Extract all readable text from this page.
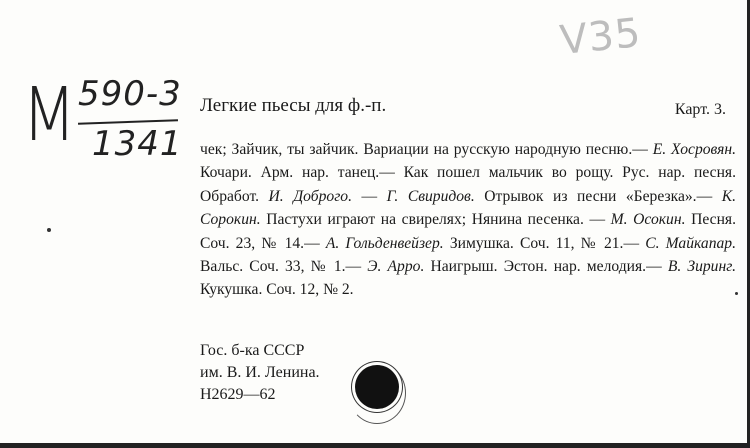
М 590-3
1341
V35
Карт. 3.
Легкие пьесы для ф.-п.

чек; Зайчик, ты зайчик. Вариации на русскую народную песню.— Е. Хосровян. Кочари. Арм. нар. танец.— Как пошел мальчик во рощу. Рус. нар. песня. Обработ. И. Доброго. — Г. Свиридов. Отрывок из песни «Березка».— К. Сорокин. Пастухи играют на свирелях; Нянина песенка. — М. Осокин. Песня. Соч. 23, № 14.— А. Гольденвейзер. Зимушка. Соч. 11, № 21.— С. Майкапар. Вальс. Соч. 33, № 1.— Э. Арро. Наигрыш. Эстон. нар. мелодия.— В. Зиринг. Кукушка. Соч. 12, № 2.

Гос. б-ка СССР
им. В. И. Ленина.
Н2629—62
